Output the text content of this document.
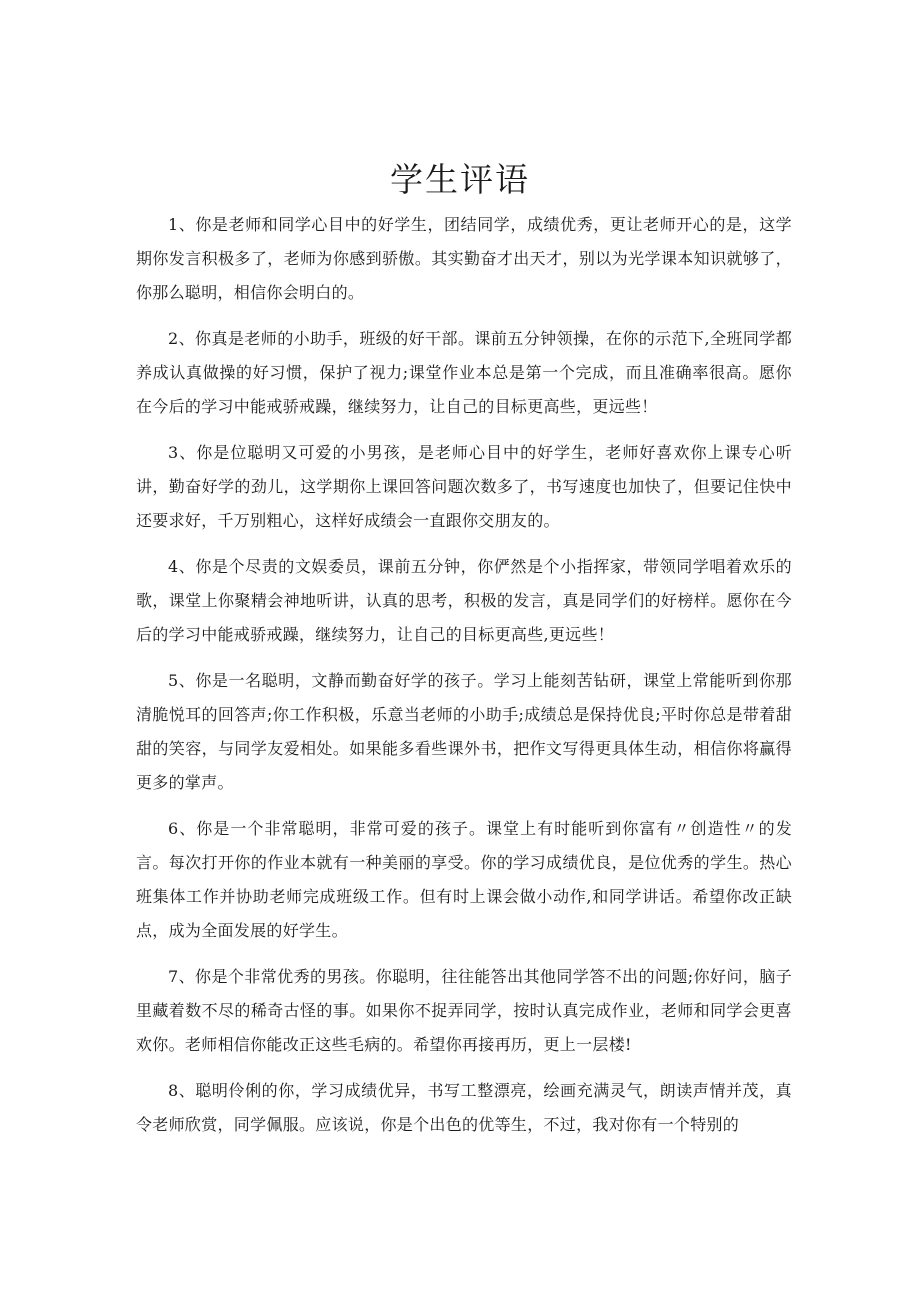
学生评语

1、你是老师和同学心目中的好学生，团结同学，成绩优秀，更让老师开心的是，这学期你发言积极多了，老师为你感到骄傲。其实勤奋才出天才，别以为光学课本知识就够了，你那么聪明，相信你会明白的。

2、你真是老师的小助手，班级的好干部。课前五分钟领操，在你的示范下,全班同学都养成认真做操的好习惯，保护了视力;课堂作业本总是第一个完成，而且准确率很高。愿你在今后的学习中能戒骄戒躁，继续努力，让自己的目标更高些，更远些！

3、你是位聪明又可爱的小男孩，是老师心目中的好学生，老师好喜欢你上课专心听讲，勤奋好学的劲儿，这学期你上课回答问题次数多了，书写速度也加快了，但要记住快中还要求好，千万别粗心，这样好成绩会一直跟你交朋友的。

4、你是个尽责的文娱委员，课前五分钟，你俨然是个小指挥家，带领同学唱着欢乐的歌，课堂上你聚精会神地听讲，认真的思考，积极的发言，真是同学们的好榜样。愿你在今后的学习中能戒骄戒躁，继续努力，让自己的目标更高些,更远些！

5、你是一名聪明，文静而勤奋好学的孩子。学习上能刻苦钻研，课堂上常能听到你那清脆悦耳的回答声;你工作积极，乐意当老师的小助手;成绩总是保持优良;平时你总是带着甜甜的笑容，与同学友爱相处。如果能多看些课外书，把作文写得更具体生动，相信你将赢得更多的掌声。

6、你是一个非常聪明，非常可爱的孩子。课堂上有时能听到你富有〃创造性〃的发言。每次打开你的作业本就有一种美丽的享受。你的学习成绩优良，是位优秀的学生。热心班集体工作并协助老师完成班级工作。但有时上课会做小动作,和同学讲话。希望你改正缺点，成为全面发展的好学生。

7、你是个非常优秀的男孩。你聪明，往往能答出其他同学答不出的问题;你好问，脑子里藏着数不尽的稀奇古怪的事。如果你不捉弄同学，按时认真完成作业，老师和同学会更喜欢你。老师相信你能改正这些毛病的。希望你再接再历，更上一层楼!

8、聪明伶俐的你，学习成绩优异，书写工整漂亮，绘画充满灵气，朗读声情并茂，真令老师欣赏，同学佩服。应该说，你是个出色的优等生，不过，我对你有一个特别的
